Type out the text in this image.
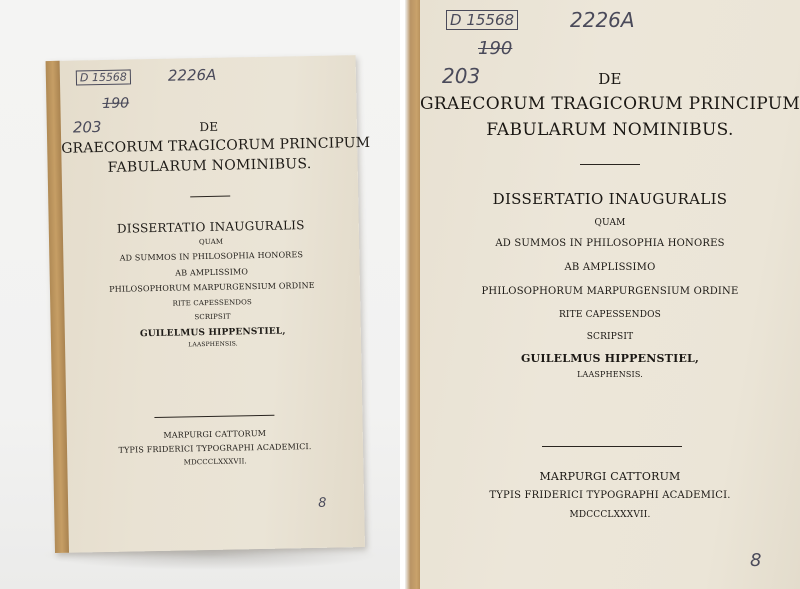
D 15568	2226A
190
203	DE
GRAECORUM TRAGICORUM PRINCIPUM
FABULARUM NOMINIBUS.
DISSERTATIO INAUGURALIS
QUAM
AD SUMMOS IN PHILOSOPHIA HONORES
AB AMPLISSIMO
PHILOSOPHORUM MARPURGENSIUM ORDINE
RITE CAPESSENDOS
SCRIPSIT
GUILELMUS HIPPENSTIEL,
LAASPHENSIS.
MARPURGI CATTORUM
TYPIS FRIDERICI TYPOGRAPHI ACADEMICI.
MDCCCLXXXVII.
8
D 15568	2226A
190
203	DE
GRAECORUM TRAGICORUM PRINCIPUM
FABULARUM NOMINIBUS.
DISSERTATIO INAUGURALIS
QUAM
AD SUMMOS IN PHILOSOPHIA HONORES
AB AMPLISSIMO
PHILOSOPHORUM MARPURGENSIUM ORDINE
RITE CAPESSENDOS
SCRIPSIT
GUILELMUS HIPPENSTIEL,
LAASPHENSIS.
MARPURGI CATTORUM
TYPIS FRIDERICI TYPOGRAPHI ACADEMICI.
MDCCCLXXXVII.
8
